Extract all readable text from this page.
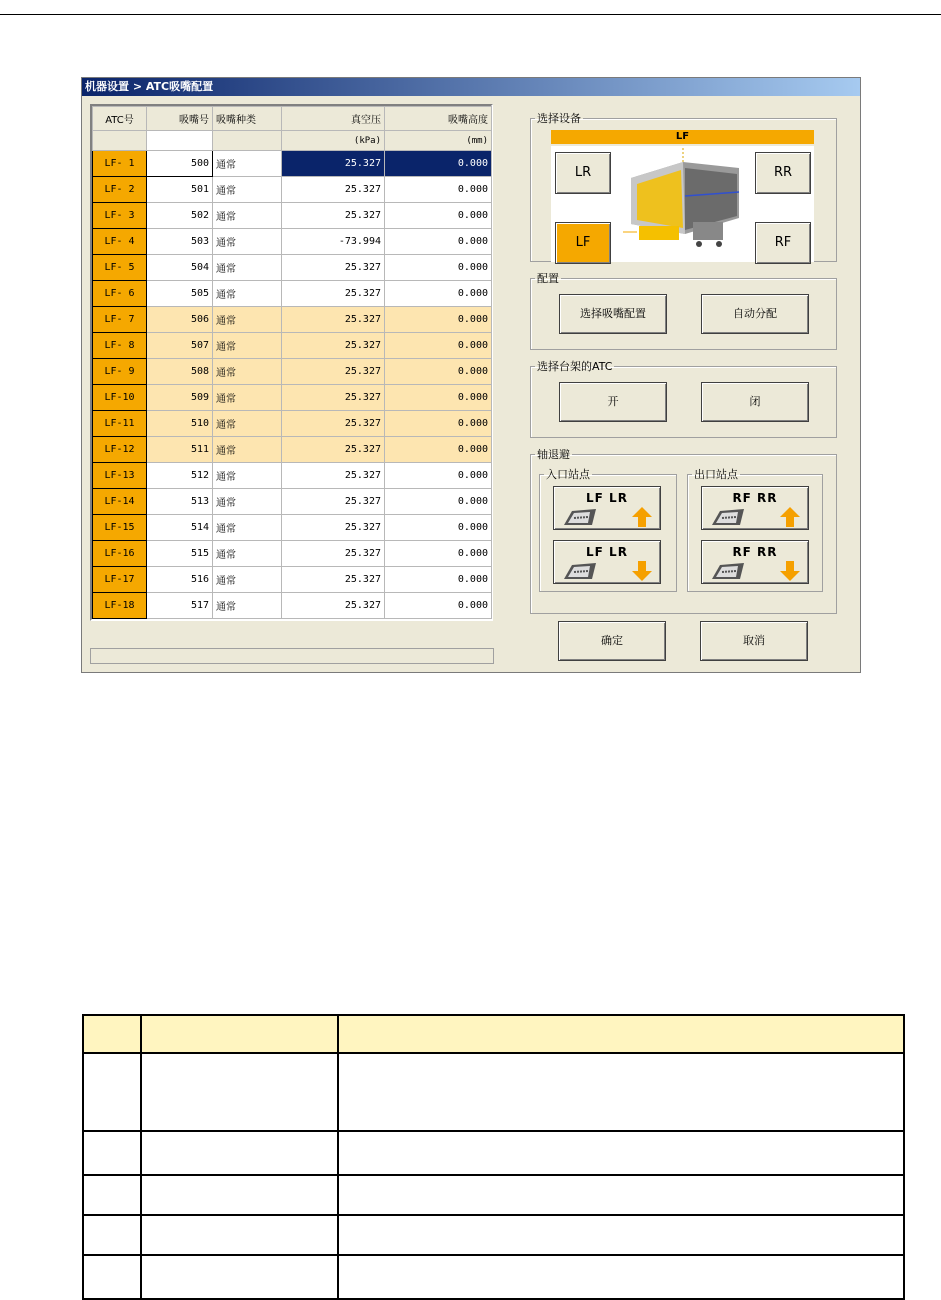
机器设置 > ATC吸嘴配置
ATC号	吸嘴号	吸嘴种类	真空压	吸嘴高度
			(kPa)	(mm)
LF- 1	500	通常	25.327	0.000
LF- 2	501	通常	25.327	0.000
LF- 3	502	通常	25.327	0.000
LF- 4	503	通常	-73.994	0.000
LF- 5	504	通常	25.327	0.000
LF- 6	505	通常	25.327	0.000
LF- 7	506	通常	25.327	0.000
LF- 8	507	通常	25.327	0.000
LF- 9	508	通常	25.327	0.000
LF-10	509	通常	25.327	0.000
LF-11	510	通常	25.327	0.000
LF-12	511	通常	25.327	0.000
LF-13	512	通常	25.327	0.000
LF-14	513	通常	25.327	0.000
LF-15	514	通常	25.327	0.000
LF-16	515	通常	25.327	0.000
LF-17	516	通常	25.327	0.000
LF-18	517	通常	25.327	0.000
选择设备
LF
LR	RR
LF	RF
配置
选择吸嘴配置	自动分配
选择台架的ATC
开	闭
轴退避
入口站点
LF LR
LF LR
出口站点
RF RR
RF RR
确定	取消
